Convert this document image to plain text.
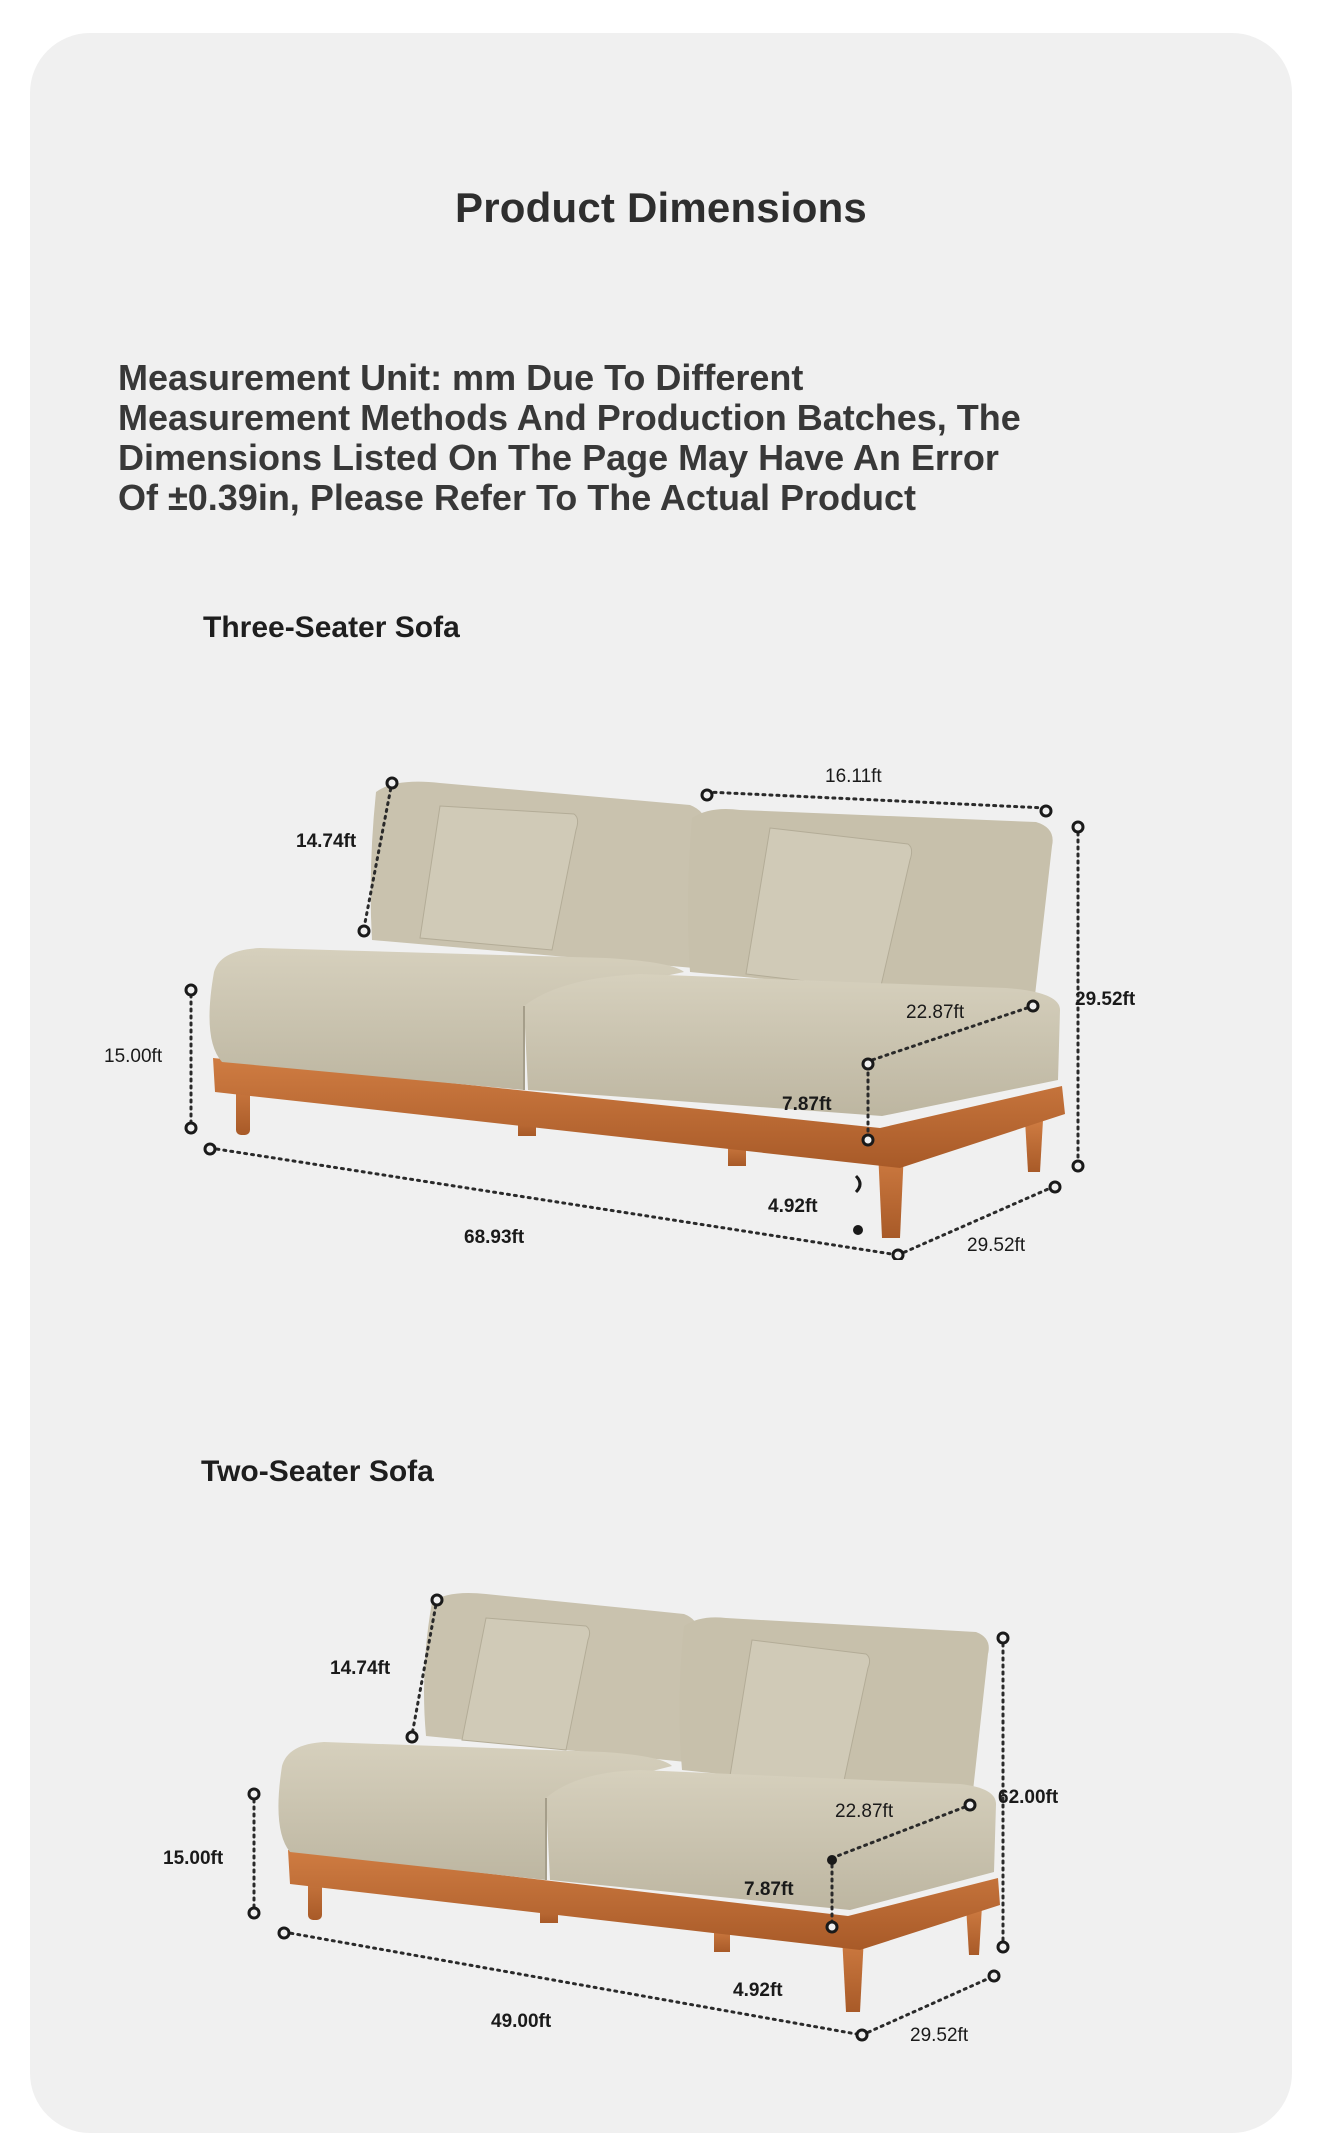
Product Dimensions
Measurement Unit: mm Due To Different Measurement Methods And Production Batches, The Dimensions Listed On The Page May Have An Error Of ±0.39in, Please Refer To The Actual Product
Three-Seater Sofa
14.74ft
16.11ft
29.52ft
22.87ft
15.00ft
7.87ft
4.92ft
68.93ft	29.52ft
Two-Seater Sofa
14.74ft
62.00ft
22.87ft
15.00ft
7.87ft
4.92ft
49.00ft
29.52ft
